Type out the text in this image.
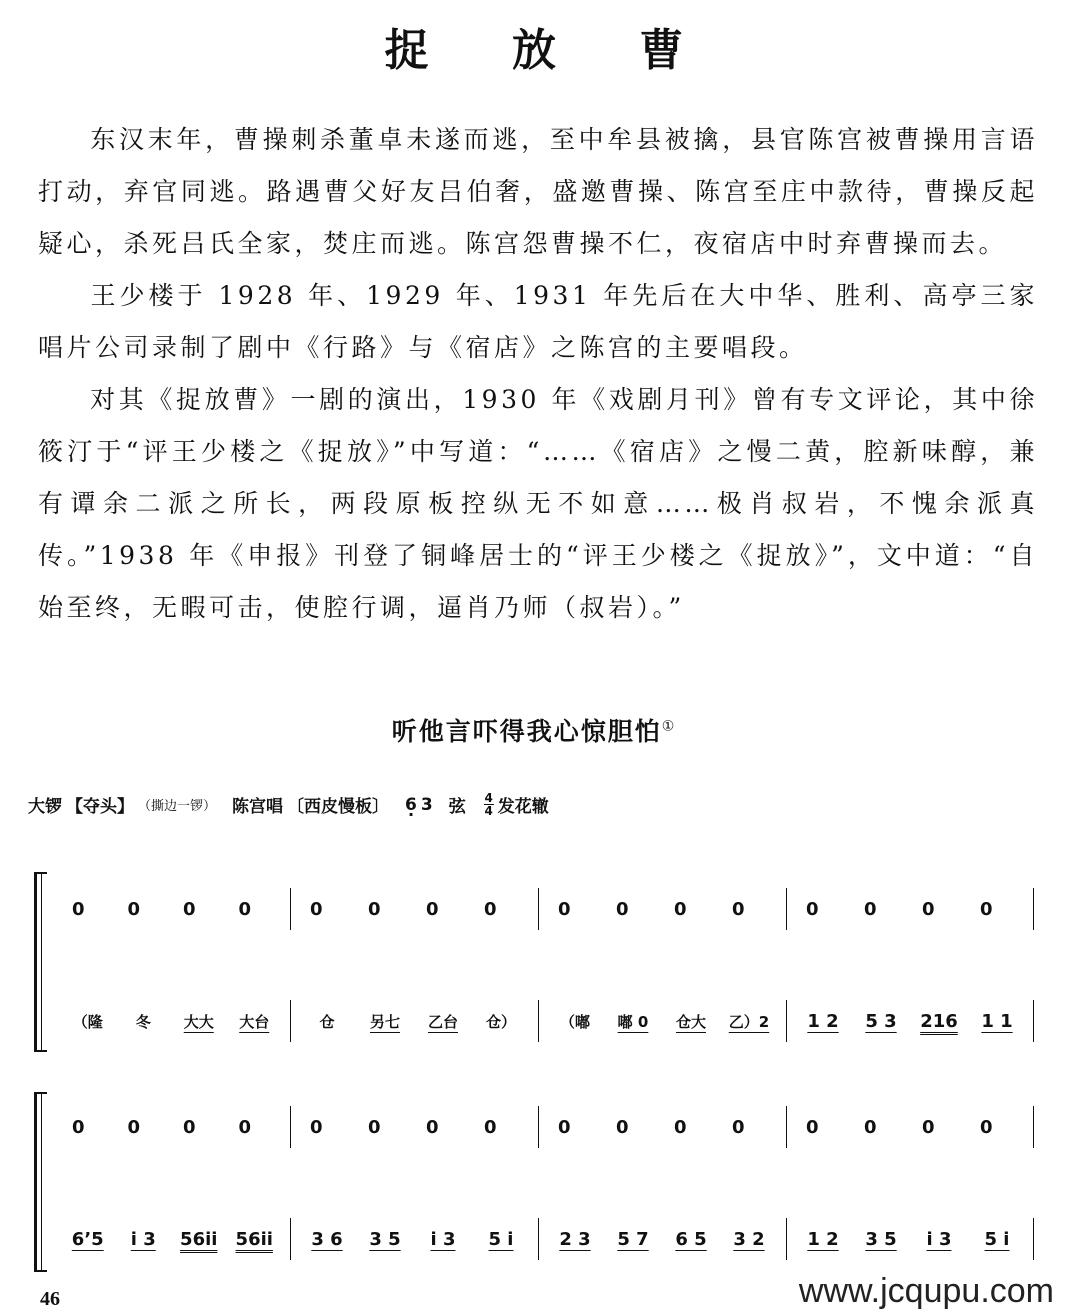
捉 放 曹
东汉末年，曹操刺杀董卓未遂而逃，至中牟县被擒，县官陈宫被曹操用言语打动，弃官同逃。路遇曹父好友吕伯奢，盛邀曹操、陈宫至庄中款待，曹操反起疑心，杀死吕氏全家，焚庄而逃。陈宫怨曹操不仁，夜宿店中时弃曹操而去。
王少楼于 1928 年、1929 年、1931 年先后在大中华、胜利、高亭三家唱片公司录制了剧中《行路》与《宿店》之陈宫的主要唱段。
对其《捉放曹》一剧的演出，1930 年《戏剧月刊》曾有专文评论，其中徐筱汀于“评王少楼之《捉放》”中写道：“……《宿店》之慢二黄，腔新味醇，兼有谭余二派之所长，两段原板控纵无不如意……极肖叔岩，不愧余派真传。”1938 年《申报》刊登了铜峰居士的“评王少楼之《捉放》”，文中道：“自始至终，无暇可击，使腔行调，逼肖乃师（叔岩）。”
听他言吓得我心惊胆怕①
大锣 【夺头】 （撕边一锣） 陈宫唱 〔西皮慢板〕 6 · 3 弦 4
4 发花辙
0	0	0	0	0	0	0	0	0	0	0	0	0	0	0	0
（隆	冬	大大	大台	仓	另七	乙台	仓）	（嘟	嘟 0	仓大	乙）2	1 2	5 3	216	1 1
0	0	0	0	0	0	0	0	0	0	0	0	0	0	0	0
6ʼ5	i 3	56ii	56ii	3 6	3 5	i 3	5 i	2 3	5 7	6 5	3 2	1 2	3 5	i 3	5 i
46	www.jcqupu.com
